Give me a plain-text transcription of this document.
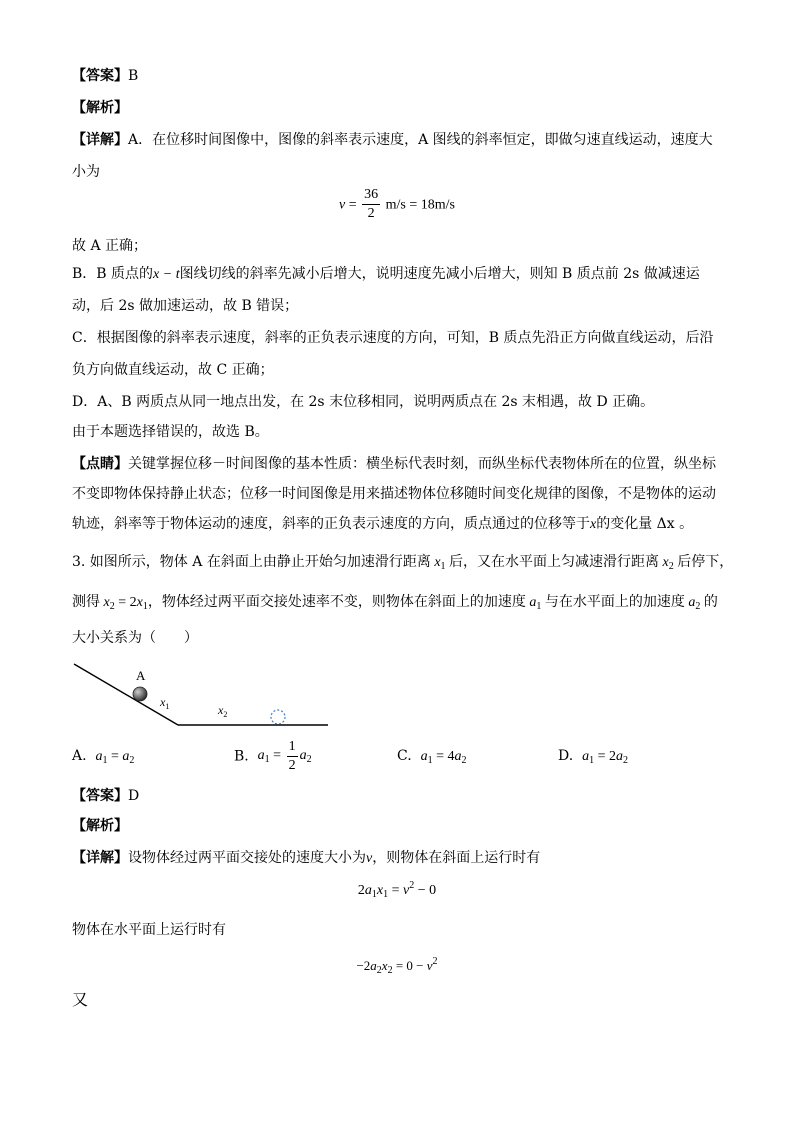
【答案】B
【解析】
【详解】A．在位移时间图像中，图像的斜率表示速度，A 图线的斜率恒定，即做匀速直线运动，速度大
小为
$v = \frac{36}{2} m/s = 18m/s$
故 A 正确；
B．B 质点的x − t图线切线的斜率先减小后增大，说明速度先减小后增大，则知 B 质点前 2s 做减速运
动，后 2s 做加速运动，故 B 错误；
C．根据图像的斜率表示速度，斜率的正负表示速度的方向，可知，B 质点先沿正方向做直线运动，后沿
负方向做直线运动，故 C 正确；
D．A、B 两质点从同一地点出发，在 2s 末位移相同，说明两质点在 2s 末相遇，故 D 正确。
由于本题选择错误的，故选 B。
【点睛】关键掌握位移－时间图像的基本性质：横坐标代表时刻，而纵坐标代表物体所在的位置，纵坐标
不变即物体保持静止状态；位移一时间图像是用来描述物体位移随时间变化规律的图像，不是物体的运动
轨迹，斜率等于物体运动的速度，斜率的正负表示速度的方向，质点通过的位移等于x的变化量 Δx 。
3. 如图所示，物体 A 在斜面上由静止开始匀加速滑行距离 $x_1$ 后，又在水平面上匀减速滑行距离 $x_2$ 后停下，
测得 $x_2 = 2x_1$，物体经过两平面交接处速率不变，则物体在斜面上的加速度 $a_1$ 与在水平面上的加速度 $a_2$ 的
大小关系为（　　）
A
$x_1$	$x_2$
A. $a_1 = a_2$	B. $a_1 = \frac{1}{2} a_2$	C. $a_1 = 4a_2$	D. $a_1 = 2a_2$
【答案】D
【解析】
【详解】设物体经过两平面交接处的速度大小为v，则物体在斜面上运行时有
$2a_1x_1 = v^2 - 0$
物体在水平面上运行时有
$-2a_2x_2 = 0 - v^2$
又
